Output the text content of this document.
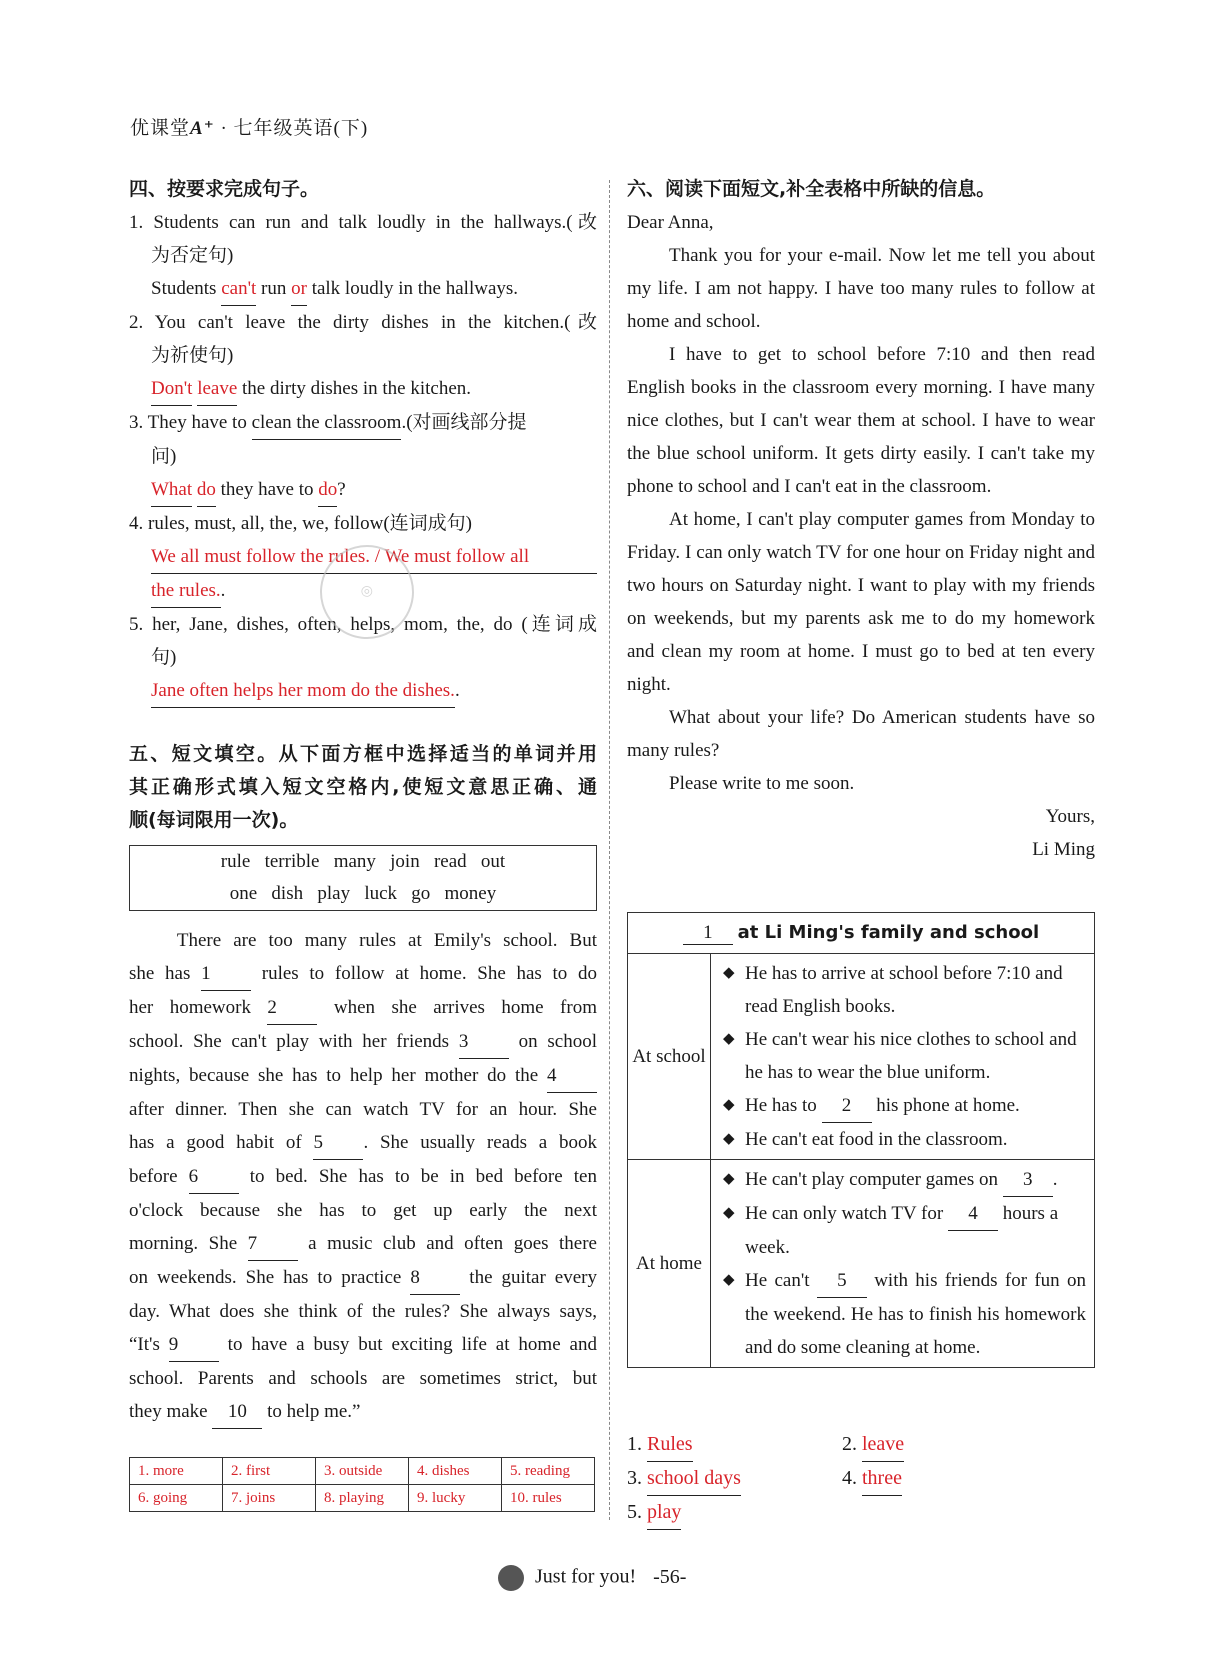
优课堂A⁺ · 七年级英语(下)
四、按要求完成句子。
1. Students can run and talk loudly in the hallways.(改
为否定句)
Students can't run or talk loudly in the hallways.
2. You can't leave the dirty dishes in the kitchen.(改
为祈使句)
Don't leave the dirty dishes in the kitchen.
3. They have to clean the classroom.(对画线部分提
问)
What do they have to do?
4. rules, must, all, the, we, follow(连词成句)
We all must follow the rules. / We must follow all
the rules..
5. her, Jane, dishes, often, helps, mom, the, do (连词成
句)
Jane often helps her mom do the dishes..
◎
五、短文填空。从下面方框中选择适当的单词并用
其正确形式填入短文空格内,使短文意思正确、通
顺(每词限用一次)。
rule   terrible   many   join   read   out
one   dish   play   luck   go   money
There are too many rules at Emily's school. But
she has 1 rules to follow at home. She has to do
her homework 2 when she arrives home from
school. She can't play with her friends 3 on school
nights, because she has to help her mother do the 4
after dinner. Then she can watch TV for an hour. She
has a good habit of 5 . She usually reads a book
before 6 to bed. She has to be in bed before ten
o'clock because she has to get up early the next
morning. She 7 a music club and often goes there
on weekends. She has to practice 8 the guitar every
day. What does she think of the rules? She always says,
“It's 9 to have a busy but exciting life at home and
school. Parents and schools are sometimes strict, but
they make 10 to help me.”
1. more	2. first	3. outside	4. dishes	5. reading
6. going	7. joins	8. playing	9. lucky	10. rules
六、阅读下面短文,补全表格中所缺的信息。
Dear Anna,
Thank you for your e-mail. Now let me tell you about my life. I am not happy. I have too many rules to follow at home and school.
I have to get to school before 7:10 and then read English books in the classroom every morning. I have many nice clothes, but I can't wear them at school. I have to wear the blue school uniform. It gets dirty easily. I can't take my phone to school and I can't eat in the classroom.
At home, I can't play computer games from Monday to Friday. I can only watch TV for one hour on Friday night and two hours on Saturday night. I want to play with my friends on weekends, but my parents ask me to do my homework and clean my room at home. I must go to bed at ten every night.
What about your life? Do American students have so many rules?
Please write to me soon.
Yours,
Li Ming
1 at Li Ming's family and school	
At school	◆ He has to arrive at school before 7:10 and read English books.
◆ He can't wear his nice clothes to school and he has to wear the blue uniform.
◆ He has to 2 his phone at home.
◆ He can't eat food in the classroom.

At home	◆ He can't play computer games on 3 .
◆ He can only watch TV for 4 hours a week.
◆ He can't 5 with his friends for fun on the weekend. He has to finish his homework and do some cleaning at home.
1. Rules	2. leave
3. school days	4. three
5. play
Just for you! -56-
